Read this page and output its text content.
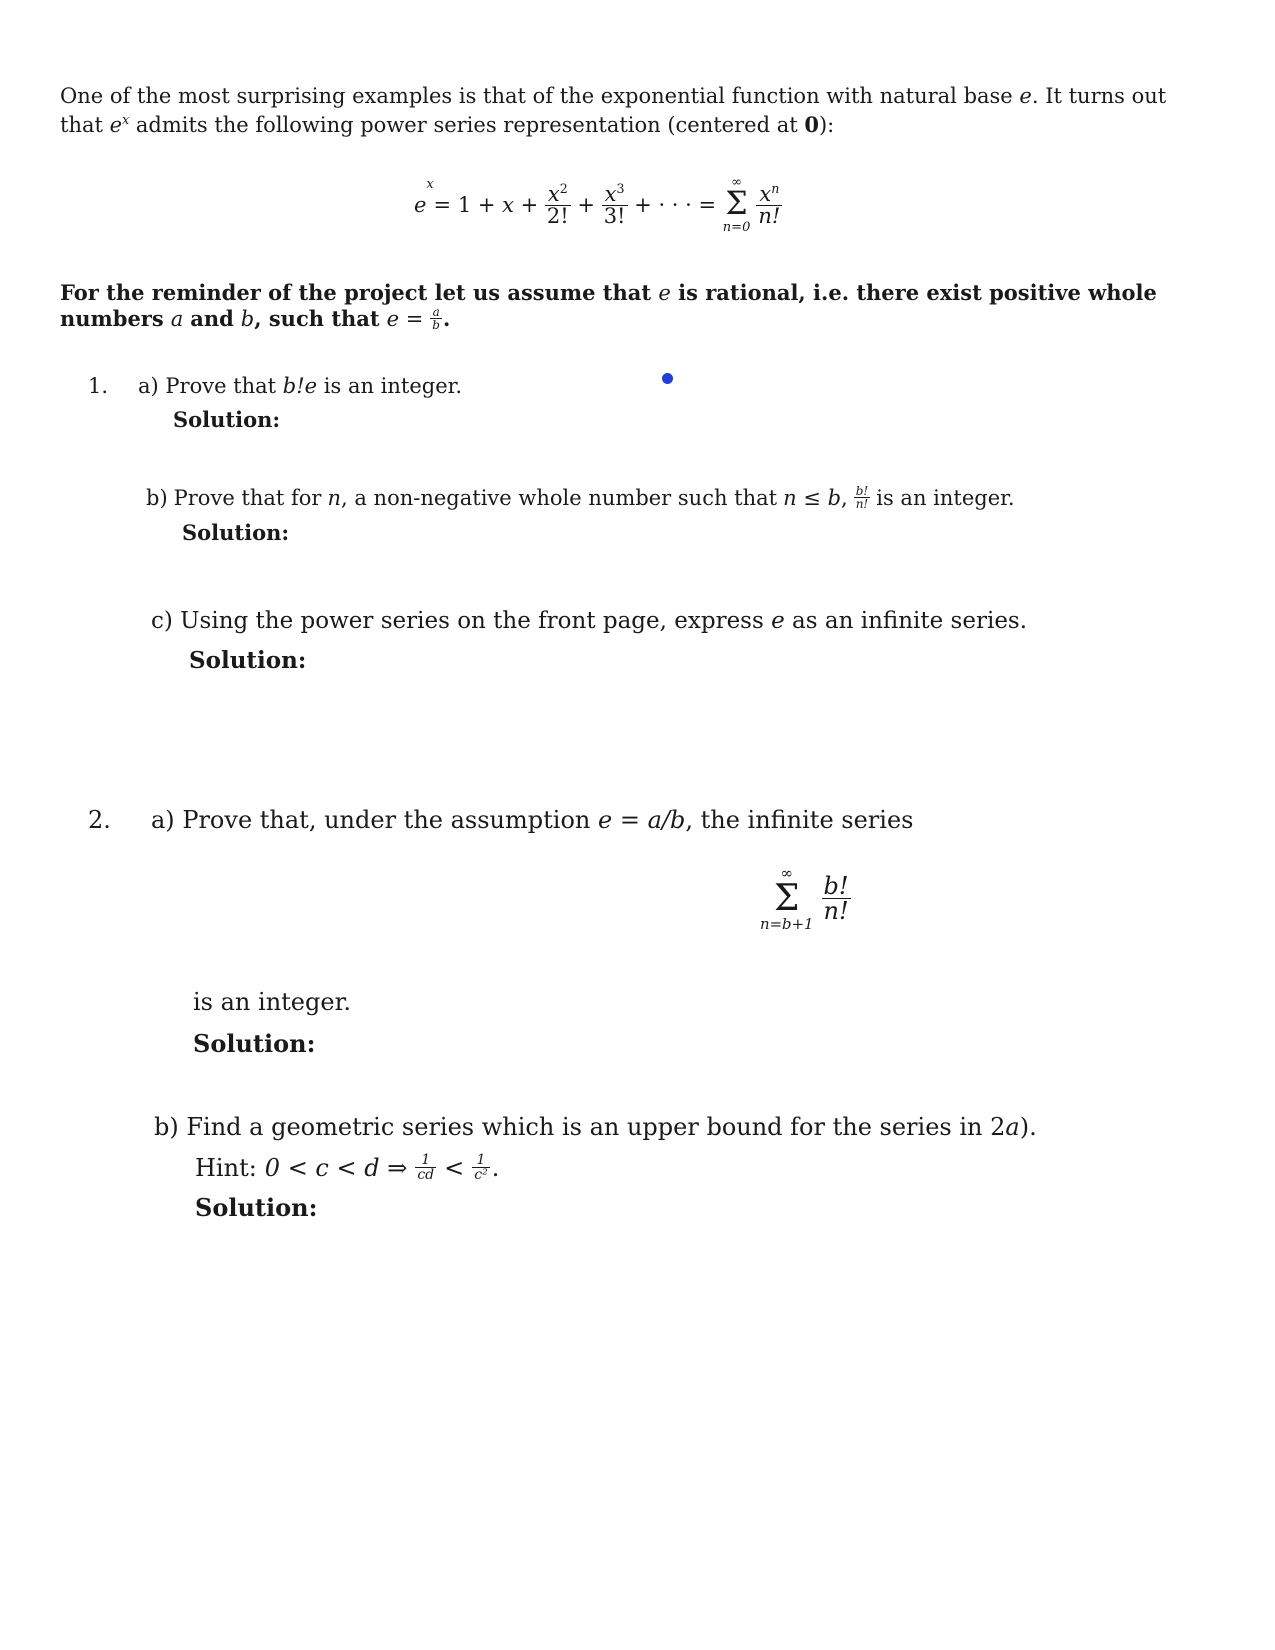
One of the most surprising examples is that of the exponential function with natural base e. It turns out
that $e^x$ admits the following power series representation (centered at 0):
e
x
= $1 + x + \frac{x^2}{2!} + \frac{x^3}{3!}$ + · · · =
∞
Σ
n=0
$\frac{x^n}{n!}$
For the reminder of the project let us assume that e is rational, i.e. there exist positive whole
numbers a and b , such that $e = \frac{a}{b}$ .
1. a) Prove that b!e is an integer.
Solution:
b) Prove that for n , a non-negative whole number such that n ≤ b , $\frac{b!}{n!}$ is an integer.
Solution:
c) Using the power series on the front page, express e as an infinite series.
Solution:
2. a) Prove that, under the assumption e = a/b, the infinite series
∞
Σ
n=b+1
$\frac{b!}{n!}$
is an integer.
Solution:
b) Find a geometric series which is an upper bound for the series in 2a).
Hint: 0 < c < d ⇒ $\frac{1}{cd} < \frac{1}{\text{c²}}$ .
Solution:
